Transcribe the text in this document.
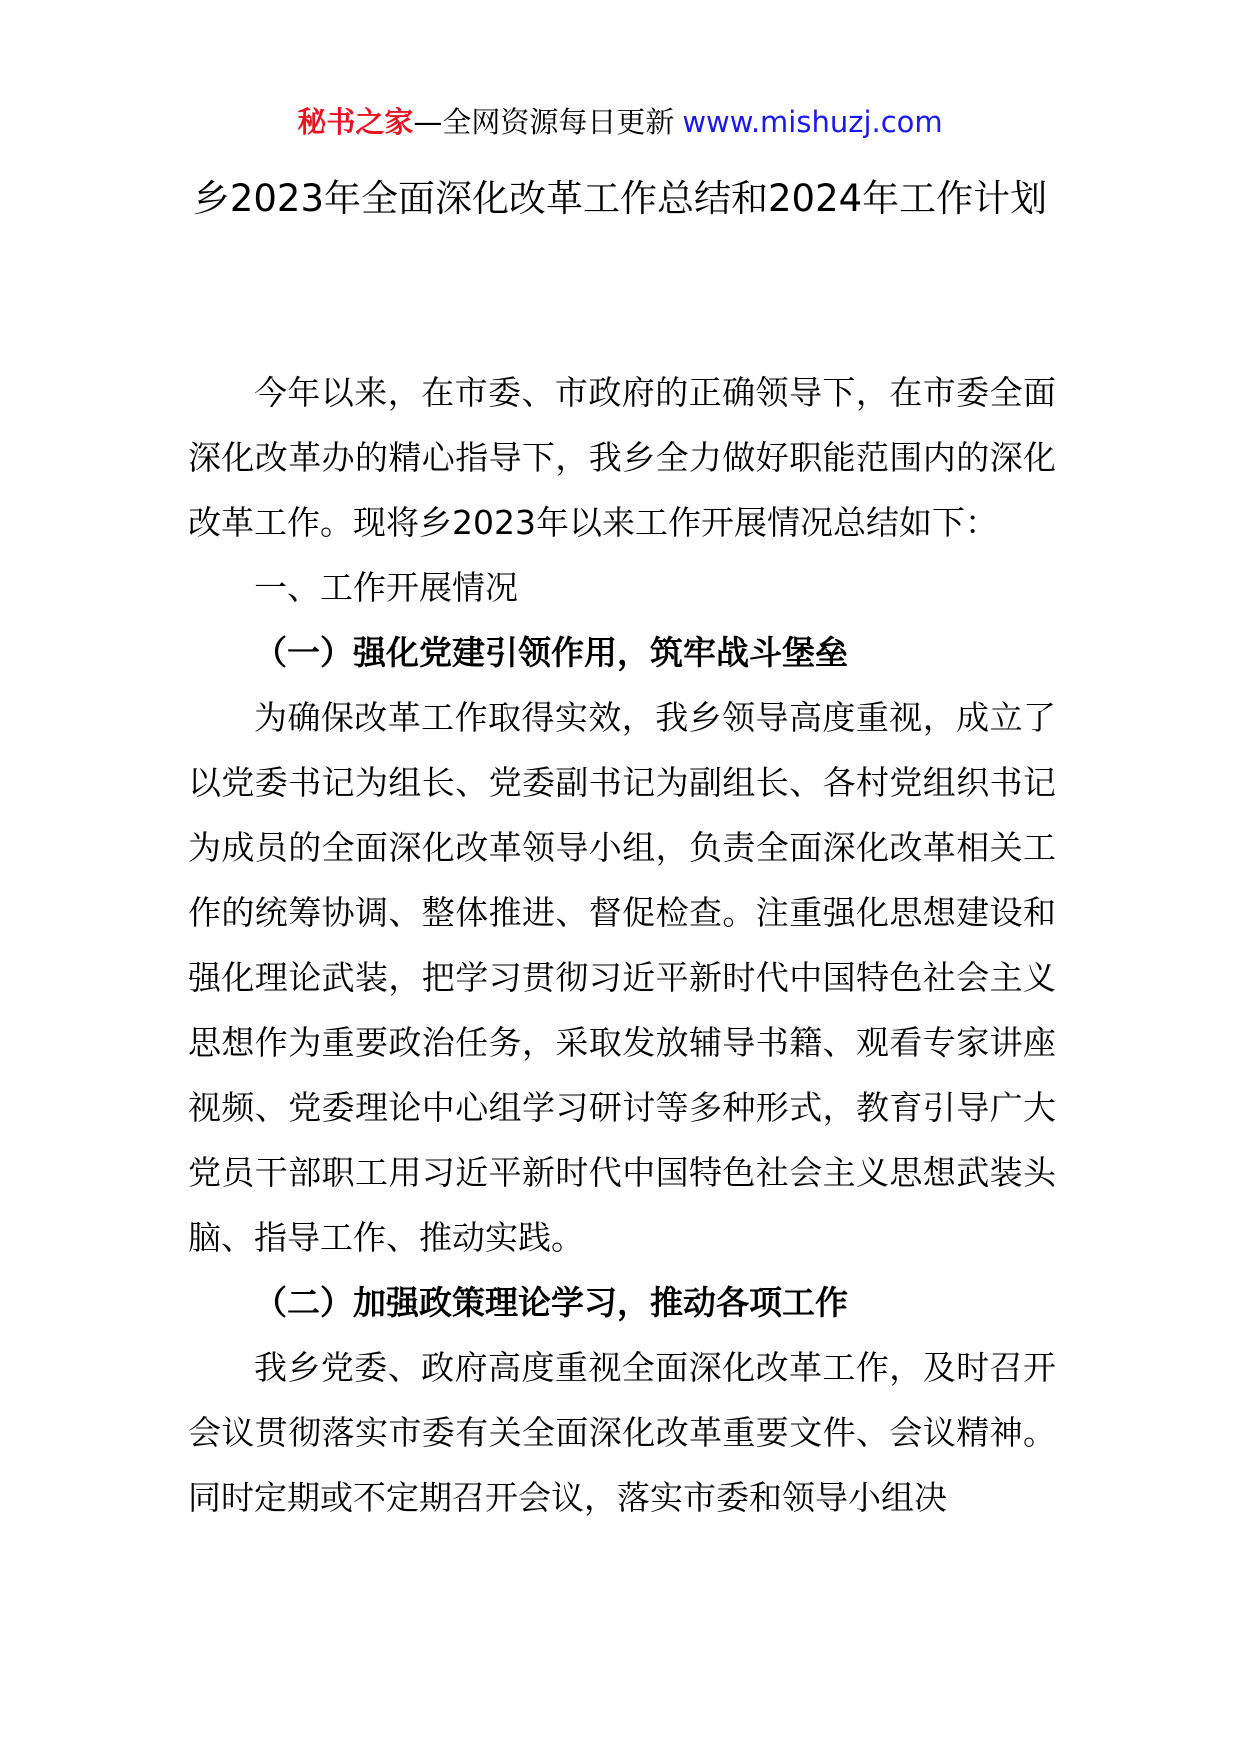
秘书之家—全网资源每日更新 www.mishuzj.com
乡2023年全面深化改革工作总结和2024年工作计划

今年以来，在市委、市政府的正确领导下，在市委全面深化改革办的精心指导下，我乡全力做好职能范围内的深化改革工作。现将乡2023年以来工作开展情况总结如下：

一、工作开展情况

（一）强化党建引领作用，筑牢战斗堡垒

为确保改革工作取得实效，我乡领导高度重视，成立了以党委书记为组长、党委副书记为副组长、各村党组织书记为成员的全面深化改革领导小组，负责全面深化改革相关工作的统筹协调、整体推进、督促检查。注重强化思想建设和强化理论武装，把学习贯彻习近平新时代中国特色社会主义思想作为重要政治任务，采取发放辅导书籍、观看专家讲座视频、党委理论中心组学习研讨等多种形式，教育引导广大党员干部职工用习近平新时代中国特色社会主义思想武装头脑、指导工作、推动实践。

（二）加强政策理论学习，推动各项工作

我乡党委、政府高度重视全面深化改革工作，及时召开会议贯彻落实市委有关全面深化改革重要文件、会议精神。同时定期或不定期召开会议，落实市委和领导小组决
